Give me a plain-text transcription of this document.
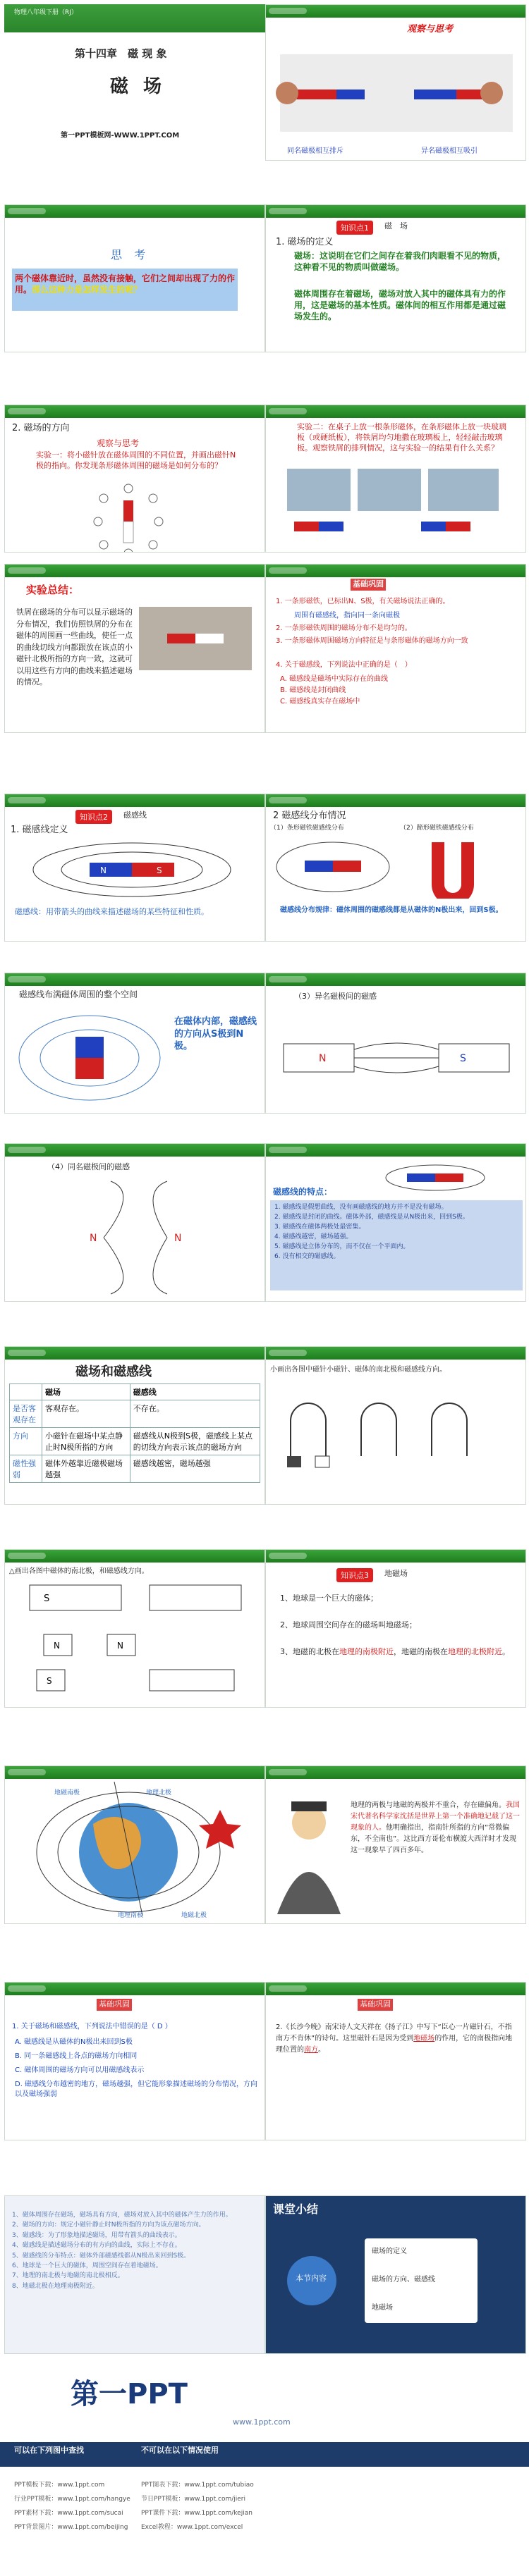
物理八年级下册（RJ）
第十四章　磁 现 象
磁 场
第一PPT模板网-WWW.1PPT.COM
观察与思考
同名磁极相互排斥	异名磁极相互吸引
思 考
两个磁体靠近时，虽然没有接触，它们之间却出现了力的作用。那么这种力是怎样发生的呢？
知识点1	磁　场
1. 磁场的定义
磁场：这说明在它们之间存在着我们肉眼看不见的物质，这种看不见的物质叫做磁场。
磁体周围存在着磁场，磁场对放入其中的磁体具有力的作用，这是磁场的基本性质。磁体间的相互作用都是通过磁场发生的。
2. 磁场的方向
观察与思考
实验一：将小磁针放在磁体周围的不同位置，并画出磁针N极的指向。你发现条形磁体周围的磁场是如何分布的？
实验二：在桌子上放一根条形磁体，在条形磁体上放一块玻璃板（或硬纸板），将铁屑均匀地撒在玻璃板上，轻轻敲击玻璃板。观察铁屑的排列情况，这与实验一的结果有什么关系？
实验总结：
铁屑在磁场的分布可以显示磁场的分布情况，我们仿照铁屑的分布在磁体的周围画一些曲线，使任一点的曲线切线方向都跟放在该点的小磁针北极所指的方向一致，这就可以用这些有方向的曲线来描述磁场的情况。
基础巩固
1. 一条形磁铁，已标出N、S极，有关磁场说法正确的。
周围有磁感线，指向同一条向磁极
2. 一条形磁铁周围的磁场分布不是均匀的。
3. 一条形磁体周围磁场方向特征是与条形磁体的磁场方向一致
4. 关于磁感线，下列说法中正确的是（　）
A. 磁感线是磁场中实际存在的曲线
B. 磁感线是封闭曲线
C. 磁感线真实存在磁场中
知识点2	磁感线
1. 磁感线定义
N	S
磁感线：用带箭头的曲线来描述磁场的某些特征和性质。
2 磁感线分布情况
（1）条形磁铁磁感线分布	（2）蹄形磁铁磁感线分布
磁感线分布规律：磁体周围的磁感线都是从磁体的N极出来，回到S极。
磁感线布满磁体周围的整个空间
在磁体内部，磁感线的方向从S极到N极。
（3）异名磁极间的磁感
N	S
（4）同名磁极间的磁感
N	N
磁感线的特点：
1. 磁感线是假想曲线，没有画磁感线的地方并不是没有磁场。
2. 磁感线是封闭的曲线。磁体外部，磁感线是从N极出来，回到S极。
3. 磁感线在磁体两极处最密集。
4. 磁感线越密，磁场越强。
5. 磁感线是立体分布的，而不仅在一个平面内。
6. 没有相交的磁感线。
磁场和磁感线
	磁场	磁感线
是否客观存在	客观存在。	不存在。
方向	小磁针在磁场中某点静止时N极所指的方向	磁感线从N极到S极，磁感线上某点的切线方向表示该点的磁场方向
磁性强弱	磁体外越靠近磁极磁场越强	磁感线越密，磁场越强
小画出各图中磁针小磁针、磁体的南北极和磁感线方向。
△画出各图中磁体的南北极，和磁感线方向。
S
N	N
S
知识点3	地磁场
1、地球是一个巨大的磁体；
2、地球周围空间存在的磁场叫地磁场；
3、地磁的北极在地理的南极附近，地磁的南极在地理的北极附近。
地磁南极	地理北极
地理南极	地磁北极
地理的两极与地磁的两极并不重合，存在磁偏角。我国宋代著名科学家沈括是世界上第一个准确地记载了这一现象的人。他明确指出，指南针所指的方向“常微偏东，不全南也”。这比西方哥伦布横渡大西洋时才发现这一现象早了四百多年。
基础巩固
1. 关于磁场和磁感线，下列说法中错误的是（ D ）
A. 磁感线是从磁体的N极出来回到S极
B. 同一条磁感线上各点的磁场方向相同
C. 磁体周围的磁场方向可以用磁感线表示
D. 磁感线分布越密的地方，磁场越强，但它能形象描述磁场的分布情况，方向以及磁场强弱
基础巩固
2.《长沙今晚》南宋诗人文天祥在《扬子江》中写下“臣心一片磁针石，不指南方不肯休”的诗句。这里磁针石是因为受到地磁场的作用，它的南极指向地理位置的南方。
1、磁体周围存在磁场，磁场具有方向，磁场对放入其中的磁体产生力的作用。
2、磁场的方向：规定小磁针静止时N极所指的方向为该点磁场方向。
3、磁感线：为了形象地描述磁场，用带有箭头的曲线表示。
4、磁感线是描述磁场分布的有方向的曲线，实际上不存在。
5、磁感线的分布特点：磁体外部磁感线都从N极出来回到S极。
6、地球是一个巨大的磁体，周围空间存在着地磁场。
7、地理的南北极与地磁的南北极相反。
8、地磁北极在地理南极附近。
课堂小结
本节内容
磁场的定义
磁场的方向、磁感线
地磁场
第一PPT
www.1ppt.com
可以在下列图中查找	不可以在以下情况使用
PPT模板下载：www.1ppt.com
行业PPT模板：www.1ppt.com/hangye
PPT素材下载：www.1ppt.com/sucai
PPT背景图片：www.1ppt.com/beijing
PPT图表下载：www.1ppt.com/tubiao
节日PPT模板：www.1ppt.com/jieri
PPT课件下载：www.1ppt.com/kejian
Excel教程：www.1ppt.com/excel
